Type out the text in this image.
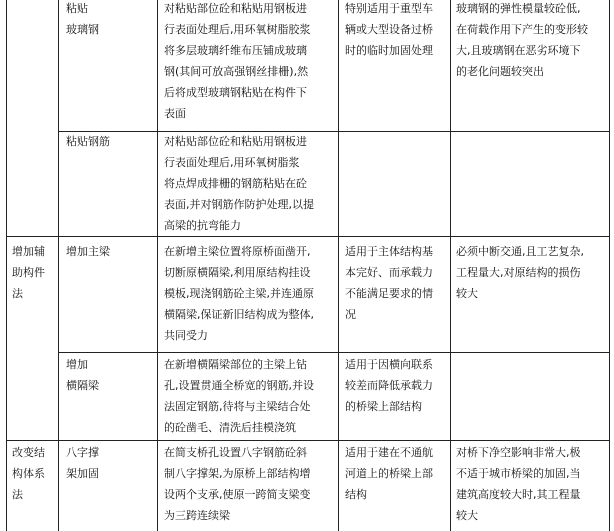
粘贴
玻璃钢
对粘贴部位砼和粘贴用钢板进
行表面处理后,用环氧树脂胶浆
将多层玻璃纤维布压铺成玻璃
钢(其间可放高强钢丝排栅),然
后将成型玻璃钢粘贴在构件下
表面
特别适用于重型车
辆或大型设备过桥
时的临时加固处理
玻璃钢的弹性模量较砼低,
在荷载作用下产生的变形较
大,且玻璃钢在恶劣环境下
的老化问题较突出
粘贴钢筋	对粘贴部位砼和粘贴用钢板进
行表面处理后,用环氧树脂浆
将点焊成排栅的钢筋粘贴在砼
表面,并对钢筋作防护处理,以提
高梁的抗弯能力
增加辅
助构件
法
增加主梁	在新增主梁位置将原桥面凿开,
切断原横隔梁,利用原结构挂设
模板,现浇钢筋砼主梁,并连通原
横隔梁,保证新旧结构成为整体,
共同受力
适用于主体结构基
本完好、而承载力
不能满足要求的情
况
必须中断交通,且工艺复杂,
工程量大,对原结构的损伤
较大
增加
横隔梁
在新增横隔梁部位的主梁上钻
孔,设置贯通全桥宽的钢筋,并设
法固定钢筋,待将与主梁结合处
的砼凿毛、清洗后挂模浇筑
适用于因横向联系
较差而降低承载力
的桥梁上部结构
改变结
构体系
法
八字撑
架加固
在简支桥孔设置八字钢筋砼斜
制八字撑架,为原桥上部结构增
设两个支承,使原一跨简支梁变
为三跨连续梁
适用于建在不通航
河道上的桥梁上部
结构
对桥下净空影响非常大,极
不适于城市桥梁的加固,当
建筑高度较大时,其工程量
较大
